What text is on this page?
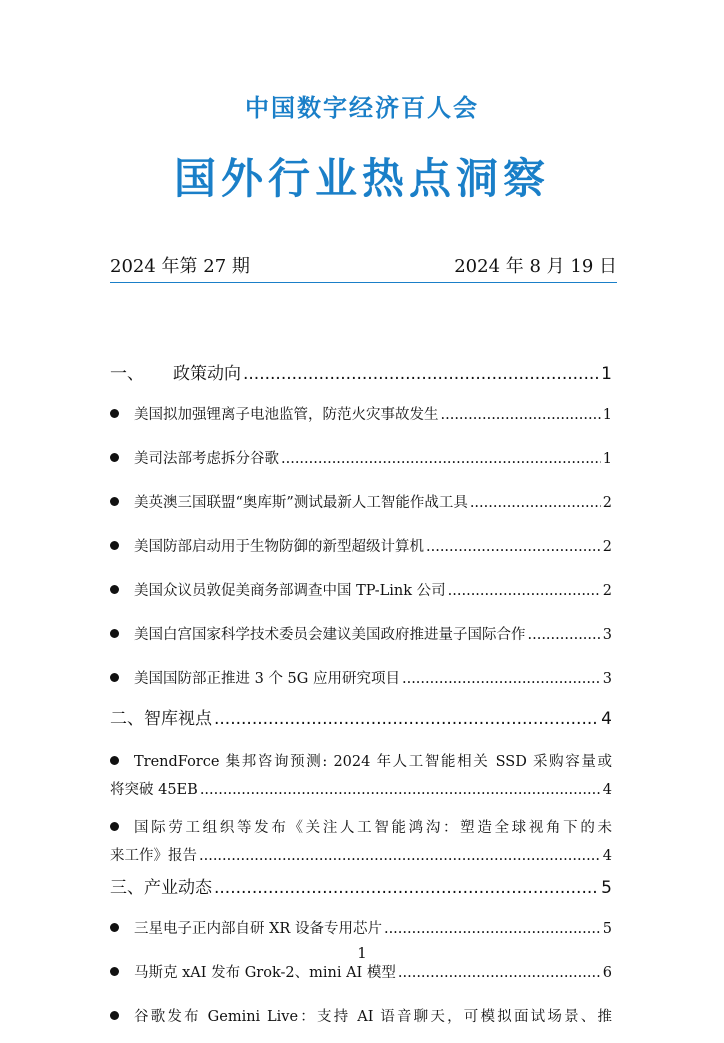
中国数字经济百人会
国外行业热点洞察
2024 年第 27 期	2024 年 8 月 19 日
一、	政策动向 .....	1
美国拟加强锂离子电池监管，防范火灾事故发生 .....	1
美司法部考虑拆分谷歌 .....	1
美英澳三国联盟“奥库斯”测试最新人工智能作战工具 .....	2
美国防部启动用于生物防御的新型超级计算机 .....	2
美国众议员敦促美商务部调查中国 TP-Link 公司 .....	2
美国白宫国家科学技术委员会建议美国政府推进量子国际合作 .....	3
美国国防部正推进 3 个 5G 应用研究项目 .....	3
二、 智库视点 .....	4
TrendForce 集邦咨询预测: 2024 年人工智能相关 SSD 采购容量或
将突破 45EB .....	4
国际劳工组织等发布《关注人工智能鸿沟：塑造全球视角下的未
来工作》报告 .....	4
三、 产业动态 .....	5
三星电子正内部自研 XR 设备专用芯片 .....	5
马斯克 xAI 发布 Grok-2、mini AI 模型 .....	6
谷歌发布 Gemini Live：支持 AI 语音聊天，可模拟面试场景、推
1
